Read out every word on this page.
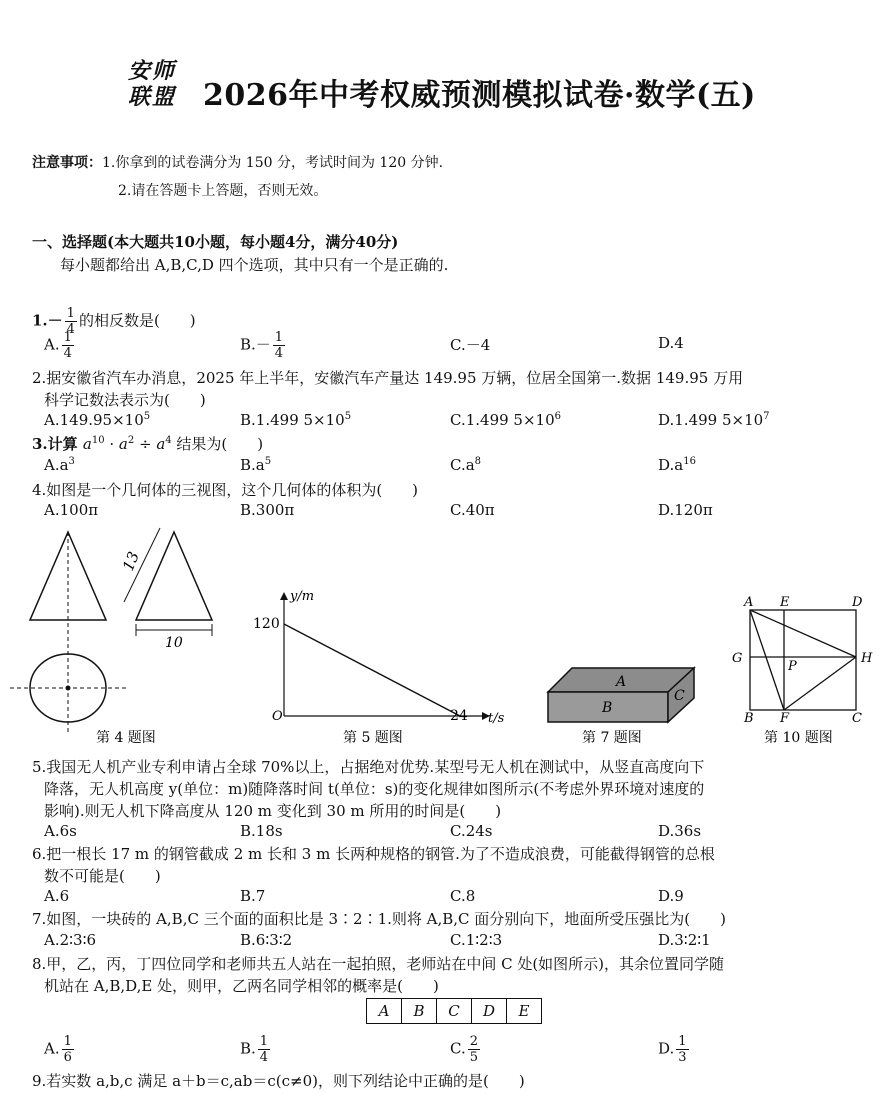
安师
联盟 2026年中考权威预测模拟试卷·数学(五)
注意事项：1.你拿到的试卷满分为 150 分，考试时间为 120 分钟.
2.请在答题卡上答题，否则无效。
一、选择题(本大题共10小题，每小题4分，满分40分)
每小题都给出 A,B,C,D 四个选项，其中只有一个是正确的.
$1.- \frac{1}{4}$ 的相反数是(　　)
A. $\frac{1}{4}$	$B.- \frac{1}{4}$	C.－4	D.4
2.据安徽省汽车办消息，2025 年上半年，安徽汽车产量达 149.95 万辆，位居全国第一.数据 149.95 万用
科学记数法表示为(　　)
$A.149.95\times 10^5$	B.1.499 $5\times 10^5$	C.1.499 $5\times 10^6$	D.1.499 $5\times 10^7$
3.计算 $a^{10} \cdot a^2 \div a^4$ 结果为(　　)
$A.a^3$	$B.a^5$	$C.a^8$	$D.a^{16}$
4.如图是一个几何体的三视图，这个几何体的体积为(　　)
A.100π	B.300π	C.40π	D.120π
13
10
第 4 题图
y/m
t/s
O
120
24
第 5 题图
A
B
C
第 7 题图
A E	D
G
P
H
B F	C
第 10 题图
5.我国无人机产业专利申请占全球 70%以上，占据绝对优势.某型号无人机在测试中，从竖直高度向下
降落，无人机高度 y(单位：m)随降落时间 t(单位：s)的变化规律如图所示(不考虑外界环境对速度的
影响).则无人机下降高度从 120 m 变化到 30 m 所用的时间是(　　)
A.6s	B.18s	C.24s	D.36s
6.把一根长 17 m 的钢管截成 2 m 长和 3 m 长两种规格的钢管.为了不造成浪费，可能截得钢管的总根
数不可能是(　　)
A.6	B.7	C.8	D.9
7.如图，一块砖的 A,B,C 三个面的面积比是 3∶2∶1.则将 A,B,C 面分别向下，地面所受压强比为(　　)
A.2∶3∶6	B.6∶3∶2	C.1∶2∶3	D.3∶2∶1
8.甲，乙，丙，丁四位同学和老师共五人站在一起拍照，老师站在中间 C 处(如图所示)，其余位置同学随
机站在 A,B,D,E 处，则甲，乙两名同学相邻的概率是(　　)
A B C D E
A. $\frac{1}{6}$	B. $\frac{1}{4}$	C. $\frac{2}{5}$	D. $\frac{1}{3}$
9.若实数 a,b,c 满足 a＋b＝c,ab＝c(c≠0)，则下列结论中正确的是(　　)
